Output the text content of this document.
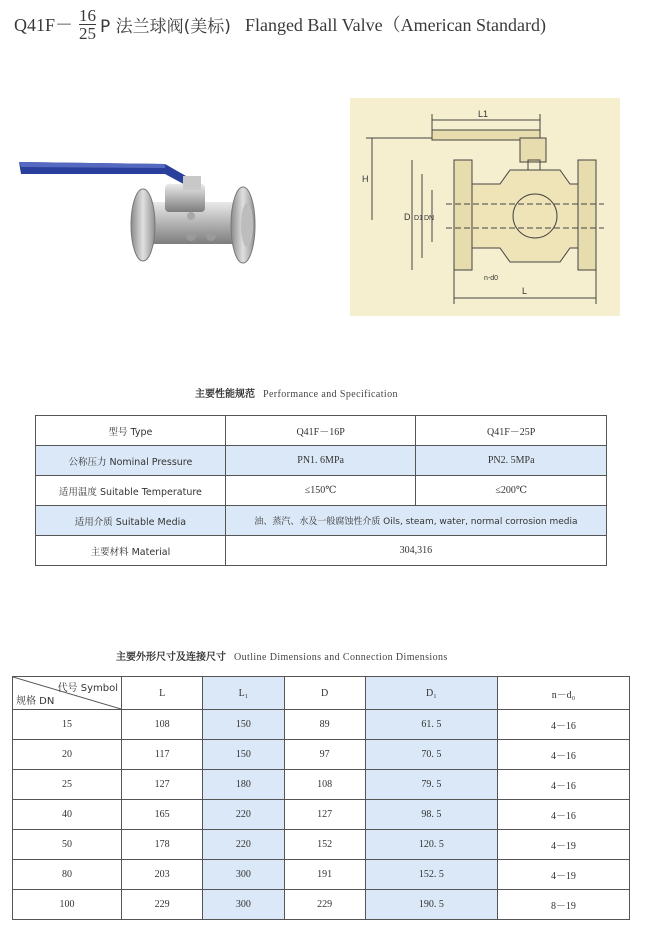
$Q41F- \frac{16}{25}$ P 法兰球阀(美标) Flanged Ball Valve（American Standard)
L1
H
D D1 DN
n-d0
L
主要性能规范 Performance and Specification
型号 Type	Q41F－16P	Q41F－25P
公称压力 Nominal Pressure	PN1. 6MPa	PN2. 5MPa
适用温度 Suitable Temperature	≤150℃	≤200℃
适用介质 Suitable Media	油、蒸汽、水及一般腐蚀性介质 Oils, steam, water, normal corrosion media	
主要材料 Material	304,316	
主要外形尺寸及连接尺寸 Outline Dimensions and Connection Dimensions
代号 Symbol
规格 DN	L	L₁	D	D₁	n－d₀
15	108	150	89	61. 5	4－16
20	117	150	97	70. 5	4－16
25	127	180	108	79. 5	4－16
40	165	220	127	98. 5	4－16
50	178	220	152	120. 5	4－19
80	203	300	191	152. 5	4－19
100	229	300	229	190. 5	8－19
